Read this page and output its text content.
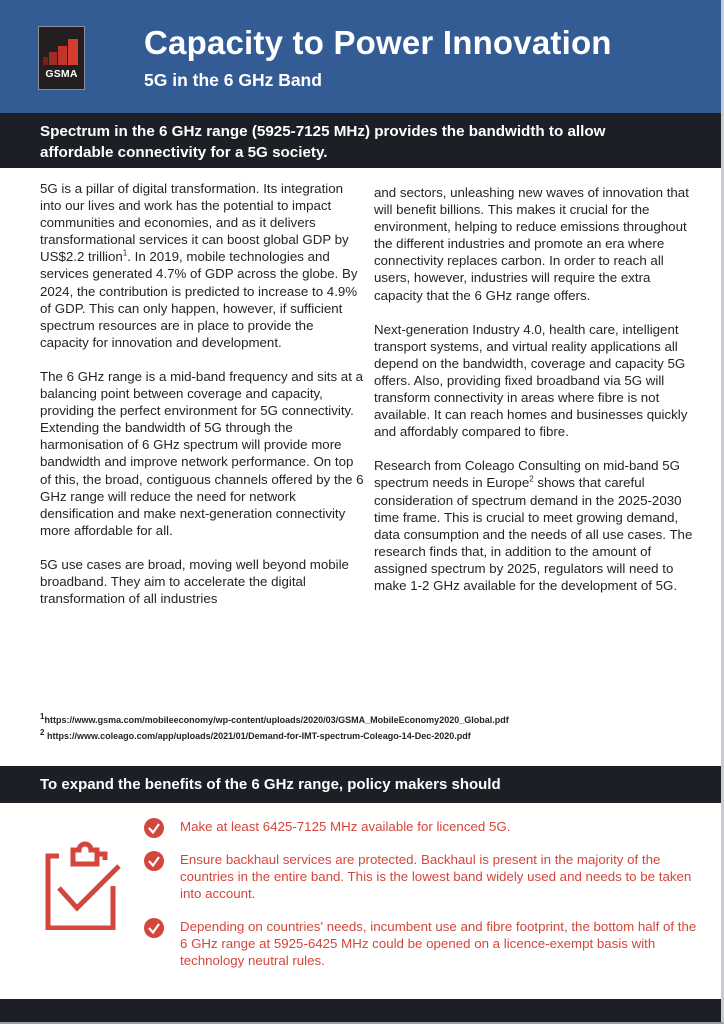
GSMA
Capacity to Power Innovation
5G in the 6 GHz Band

Spectrum in the 6 GHz range (5925-7125 MHz) provides the bandwidth to allow affordable connectivity for a 5G society.

5G is a pillar of digital transformation. Its integration into our lives and work has the potential to impact communities and economies, and as it delivers transformational services it can boost global GDP by US$2.2 trillion$^1$. In 2019, mobile technologies and services generated 4.7% of GDP across the globe. By 2024, the contribution is predicted to increase to 4.9% of GDP. This can only happen, however, if sufficient spectrum resources are in place to provide the capacity for innovation and development.

The 6 GHz range is a mid-band frequency and sits at a balancing point between coverage and capacity, providing the perfect environment for 5G connectivity. Extending the bandwidth of 5G through the harmonisation of 6 GHz spectrum will provide more bandwidth and improve network performance. On top of this, the broad, contiguous channels offered by the 6 GHz range will reduce the need for network densification and make next-generation connectivity more affordable for all.

5G use cases are broad, moving well beyond mobile broadband. They aim to accelerate the digital transformation of all industries

and sectors, unleashing new waves of innovation that will benefit billions. This makes it crucial for the environment, helping to reduce emissions throughout the different industries and promote an era where connectivity replaces carbon. In order to reach all users, however, industries will require the extra capacity that the 6 GHz range offers.

Next-generation Industry 4.0, health care, intelligent transport systems, and virtual reality applications all depend on the bandwidth, coverage and capacity 5G offers. Also, providing fixed broadband via 5G will transform connectivity in areas where fibre is not available. It can reach homes and businesses quickly and affordably compared to fibre.

Research from Coleago Consulting on mid-band 5G spectrum needs in Europe$^2$ shows that careful consideration of spectrum demand in the 2025-2030 time frame. This is crucial to meet growing demand, data consumption and the needs of all use cases. The research finds that, in addition to the amount of assigned spectrum by 2025, regulators will need to make 1-2 GHz available for the development of 5G.

$^1$https://www.gsma.com/mobileeconomy/wp-content/uploads/2020/03/GSMA_MobileEconomy2020_Global.pdf
$^2$ https://www.coleago.com/app/uploads/2021/01/Demand-for-IMT-spectrum-Coleago-14-Dec-2020.pdf

To expand the benefits of the 6 GHz range, policy makers should

Make at least 6425-7125 MHz available for licenced 5G.
Ensure backhaul services are protected. Backhaul is present in the majority of the countries in the entire band. This is the lowest band widely used and needs to be taken into account.
Depending on countries' needs, incumbent use and fibre footprint, the bottom half of the 6 GHz range at 5925-6425 MHz could be opened on a licence-exempt basis with technology neutral rules.
